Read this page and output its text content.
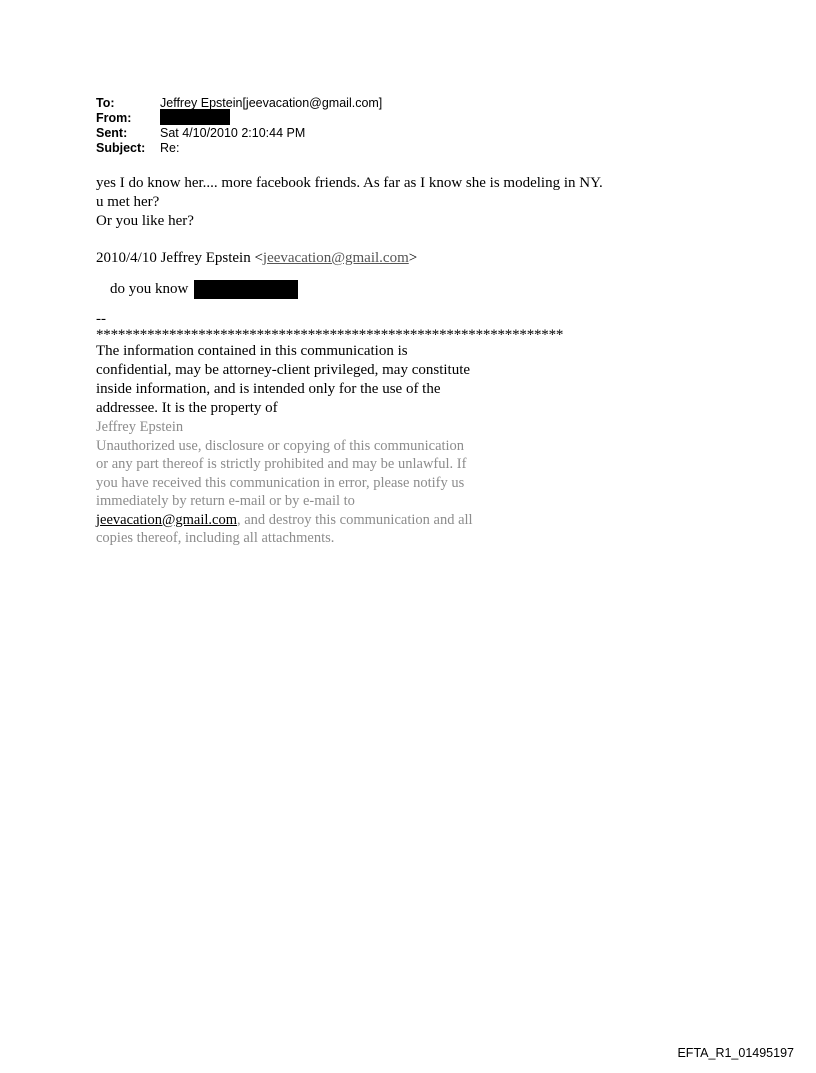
To:	Jeffrey Epstein[jeevacation@gmail.com]
From:
Sent:	Sat 4/10/2010 2:10:44 PM
Subject:	Re:

yes I do know her.... more facebook friends. As far as I know she is modeling in NY.

u met her?

Or you like her?

2010/4/10 Jeffrey Epstein <jeevacation@gmail.com>

do you know

--

****************************************************************

The information contained in this communication is confidential, may be attorney-client privileged, may constitute inside information, and is intended only for the use of the addressee. It is the property of

Jeffrey Epstein
Unauthorized use, disclosure or copying of this communication or any part thereof is strictly prohibited and may be unlawful. If you have received this communication in error, please notify us immediately by return e-mail or by e-mail to jeevacation@gmail.com, and destroy this communication and all copies thereof, including all attachments.
EFTA_R1_01495197
